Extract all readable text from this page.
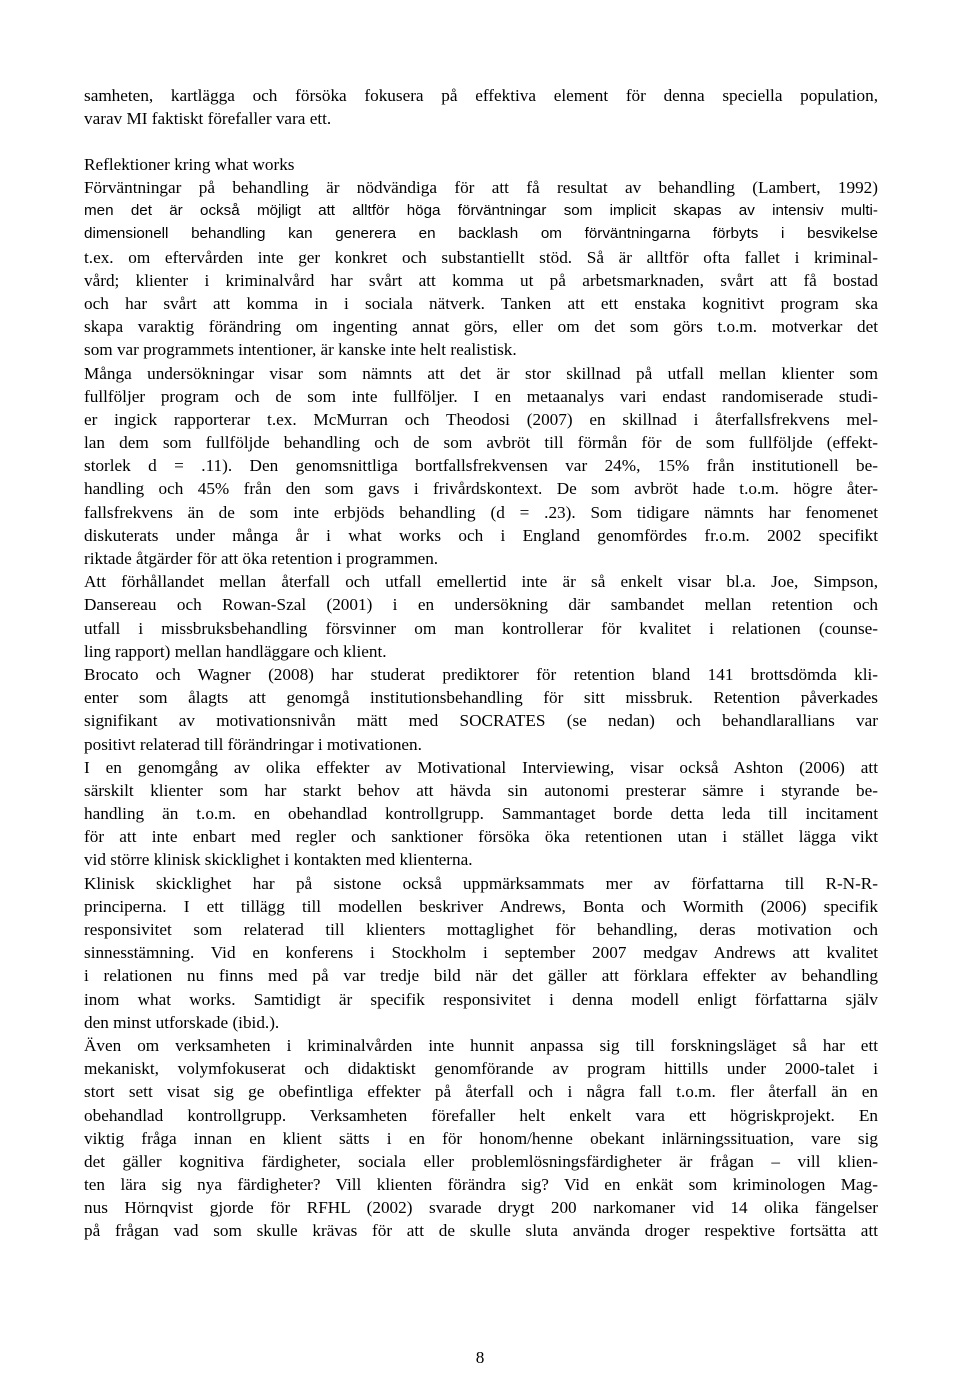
samheten, kartlägga och försöka fokusera på effektiva element för denna speciella population,
varav MI faktiskt förefaller vara ett.
Reflektioner kring what works
Förväntningar på behandling är nödvändiga för att få resultat av behandling (Lambert, 1992)
men det är också möjligt att alltför höga förväntningar som implicit skapas av intensiv multi-
dimensionell behandling kan generera en backlash om förväntningarna förbyts i besvikelse
t.ex. om eftervården inte ger konkret och substantiellt stöd. Så är alltför ofta fallet i kriminal-
vård; klienter i kriminalvård har svårt att komma ut på arbetsmarknaden, svårt att få bostad
och har svårt att komma in i sociala nätverk. Tanken att ett enstaka kognitivt program ska
skapa varaktig förändring om ingenting annat görs, eller om det som görs t.o.m. motverkar det
som var programmets intentioner, är kanske inte helt realistisk.
Många undersökningar visar som nämnts att det är stor skillnad på utfall mellan klienter som
fullföljer program och de som inte fullföljer. I en metaanalys vari endast randomiserade studi-
er ingick rapporterar t.ex. McMurran och Theodosi (2007) en skillnad i återfallsfrekvens mel-
lan dem som fullföljde behandling och de som avbröt till förmån för de som fullföljde (effekt-
storlek d = .11). Den genomsnittliga bortfallsfrekvensen var 24%, 15% från institutionell be-
handling och 45% från den som gavs i frivårdskontext. De som avbröt hade t.o.m. högre åter-
fallsfrekvens än de som inte erbjöds behandling (d = .23). Som tidigare nämnts har fenomenet
diskuterats under många år i what works och i England genomfördes fr.o.m. 2002 specifikt
riktade åtgärder för att öka retention i programmen.
Att förhållandet mellan återfall och utfall emellertid inte är så enkelt visar bl.a. Joe, Simpson,
Dansereau och Rowan-Szal (2001) i en undersökning där sambandet mellan retention och
utfall i missbruksbehandling försvinner om man kontrollerar för kvalitet i relationen (counse-
ling rapport) mellan handläggare och klient.
Brocato och Wagner (2008) har studerat prediktorer för retention bland 141 brottsdömda kli-
enter som ålagts att genomgå institutionsbehandling för sitt missbruk. Retention påverkades
signifikant av motivationsnivån mätt med SOCRATES (se nedan) och behandlarallians var
positivt relaterad till förändringar i motivationen.
I en genomgång av olika effekter av Motivational Interviewing, visar också Ashton (2006) att
särskilt klienter som har starkt behov att hävda sin autonomi presterar sämre i styrande be-
handling än t.o.m. en obehandlad kontrollgrupp. Sammantaget borde detta leda till incitament
för att inte enbart med regler och sanktioner försöka öka retentionen utan i stället lägga vikt
vid större klinisk skicklighet i kontakten med klienterna.
Klinisk skicklighet har på sistone också uppmärksammats mer av författarna till R-N-R-
principerna. I ett tillägg till modellen beskriver Andrews, Bonta och Wormith (2006) specifik
responsivitet som relaterad till klienters mottaglighet för behandling, deras motivation och
sinnesstämning. Vid en konferens i Stockholm i september 2007 medgav Andrews att kvalitet
i relationen nu finns med på var tredje bild när det gäller att förklara effekter av behandling
inom what works. Samtidigt är specifik responsivitet i denna modell enligt författarna själv
den minst utforskade (ibid.).
Även om verksamheten i kriminalvården inte hunnit anpassa sig till forskningsläget så har ett
mekaniskt, volymfokuserat och didaktiskt genomförande av program hittills under 2000-talet i
stort sett visat sig ge obefintliga effekter på återfall och i några fall t.o.m. fler återfall än en
obehandlad kontrollgrupp. Verksamheten förefaller helt enkelt vara ett högriskprojekt. En
viktig fråga innan en klient sätts i en för honom/henne obekant inlärningssituation, vare sig
det gäller kognitiva färdigheter, sociala eller problemlösningsfärdigheter är frågan – vill klien-
ten lära sig nya färdigheter? Vill klienten förändra sig? Vid en enkät som kriminologen Mag-
nus Hörnqvist gjorde för RFHL (2002) svarade drygt 200 narkomaner vid 14 olika fängelser
på frågan vad som skulle krävas för att de skulle sluta använda droger respektive fortsätta att
8
